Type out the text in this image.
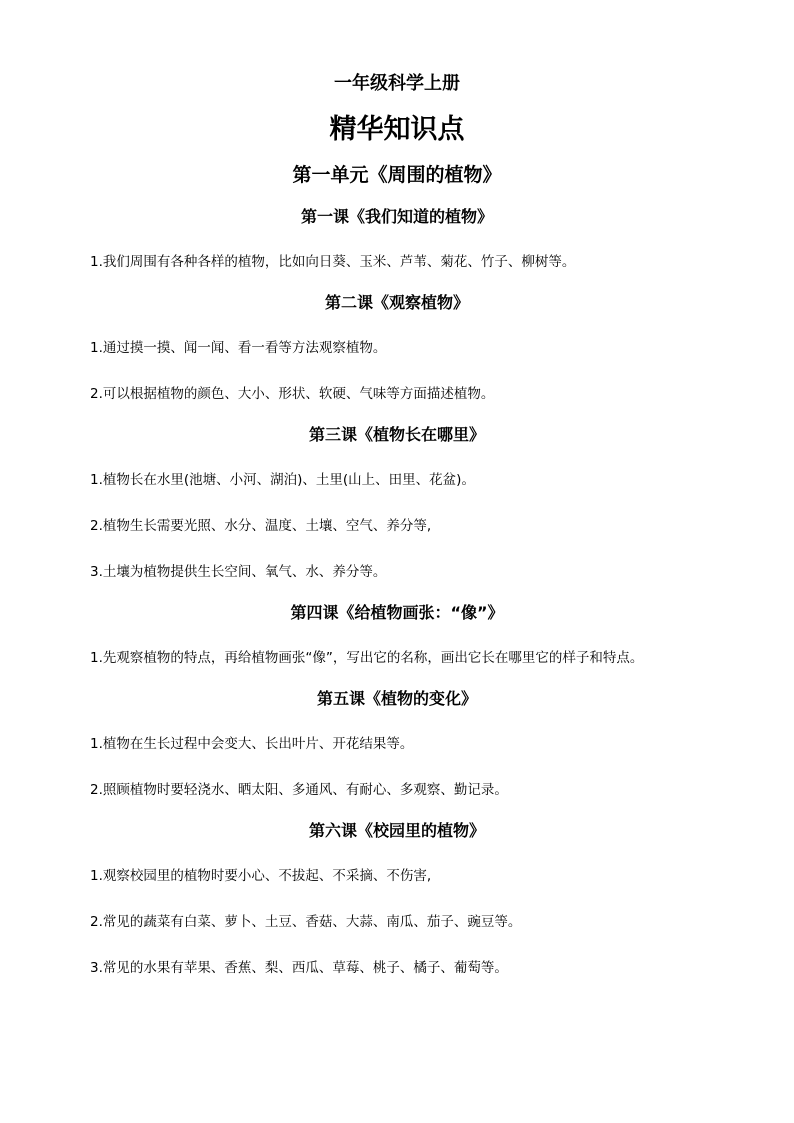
一年级科学上册
精华知识点
第一单元《周围的植物》
第一课《我们知道的植物》
1.我们周围有各种各样的植物，比如向日葵、玉米、芦苇、菊花、竹子、柳树等。
第二课《观察植物》
1.通过摸一摸、闻一闻、看一看等方法观察植物。
2.可以根据植物的颜色、大小、形状、软硬、气味等方面描述植物。
第三课《植物长在哪里》
1.植物长在水里(池塘、小河、湖泊)、土里(山上、田里、花盆)。
2.植物生长需要光照、水分、温度、土壤、空气、养分等,
3.土壤为植物提供生长空间、氧气、水、养分等。
第四课《给植物画张：“像”》
1.先观察植物的特点，再给植物画张“像”，写出它的名称，画出它长在哪里它的样子和特点。
第五课《植物的变化》
1.植物在生长过程中会变大、长出叶片、开花结果等。
2.照顾植物时要轻浇水、晒太阳、多通风、有耐心、多观察、勤记录。
第六课《校园里的植物》
1.观察校园里的植物时要小心、不拔起、不采摘、不伤害,
2.常见的蔬菜有白菜、萝卜、土豆、香菇、大蒜、南瓜、茄子、豌豆等。
3.常见的水果有苹果、香蕉、梨、西瓜、草莓、桃子、橘子、葡萄等。
